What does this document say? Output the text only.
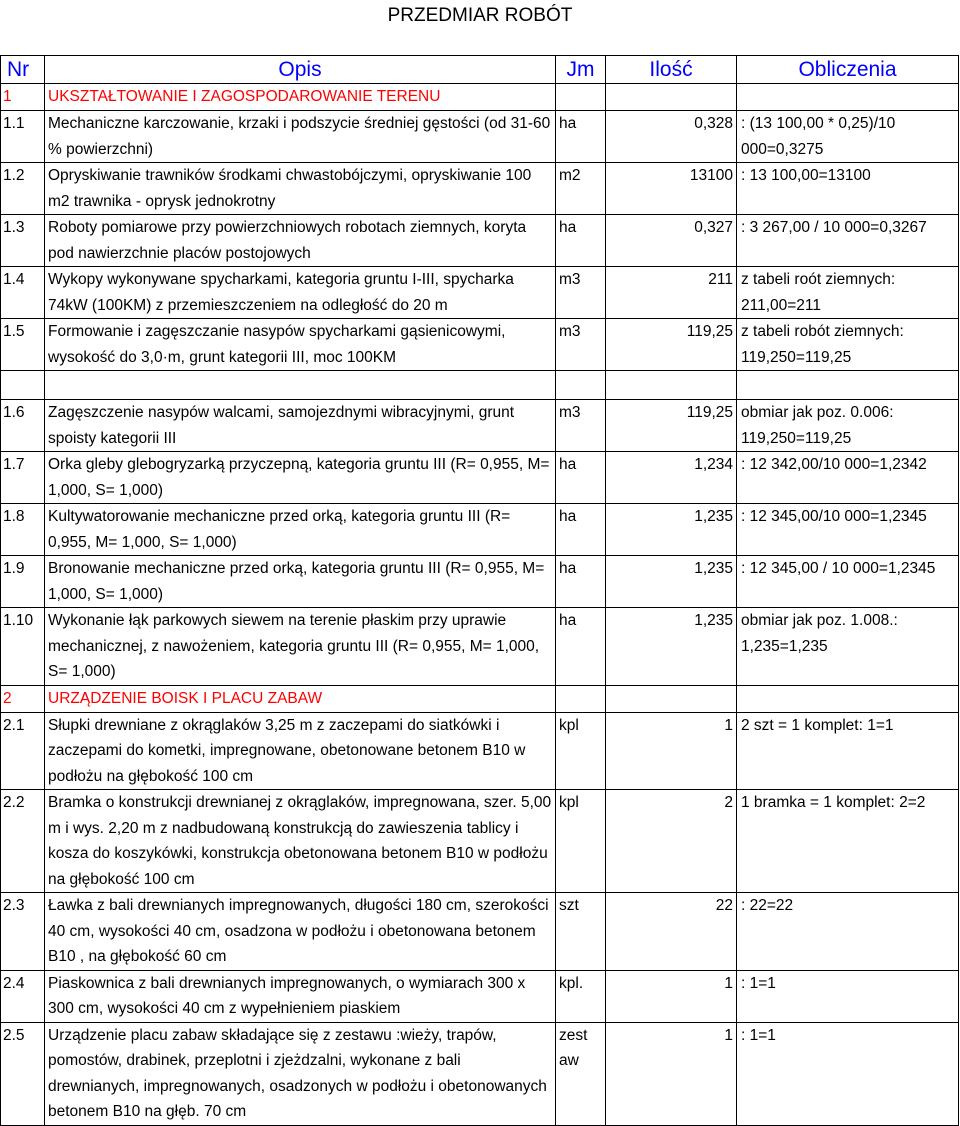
PRZEDMIAR ROBÓT
Nr	Opis	Jm	Ilość	Obliczenia
1	UKSZTAŁTOWANIE I ZAGOSPODAROWANIE TERENU			
1.1	Mechaniczne karczowanie, krzaki i podszycie średniej gęstości (od 31-60 % powierzchni)	ha	0,328	: (13 100,00 * 0,25)/10 000=0,3275
1.2	Opryskiwanie trawników środkami chwastobójczymi, opryskiwanie 100 m2 trawnika - oprysk jednokrotny	m2	13100	: 13 100,00=13100
1.3	Roboty pomiarowe przy powierzchniowych robotach ziemnych, koryta pod nawierzchnie placów postojowych	ha	0,327	: 3 267,00 / 10 000=0,3267
1.4	Wykopy wykonywane spycharkami, kategoria gruntu I-III, spycharka 74kW (100KM) z przemieszczeniem na odległość do 20 m	m3	211	z tabeli roót ziemnych: 211,00=211
1.5	Formowanie i zagęszczanie nasypów spycharkami gąsienicowymi, wysokość do 3,0·m, grunt kategorii III, moc 100KM	m3	119,25	z tabeli robót ziemnych: 119,250=119,25

1.6	Zagęszczenie nasypów walcami, samojezdnymi wibracyjnymi, grunt spoisty kategorii III	m3	119,25	obmiar jak poz. 0.006: 119,250=119,25
1.7	Orka gleby glebogryzarką przyczepną, kategoria gruntu III (R= 0,955, M= 1,000, S= 1,000)	ha	1,234	: 12 342,00/10 000=1,2342
1.8	Kultywatorowanie mechaniczne przed orką, kategoria gruntu III (R= 0,955, M= 1,000, S= 1,000)	ha	1,235	: 12 345,00/10 000=1,2345
1.9	Bronowanie mechaniczne przed orką, kategoria gruntu III (R= 0,955, M= 1,000, S= 1,000)	ha	1,235	: 12 345,00 / 10 000=1,2345
1.10	Wykonanie łąk parkowych siewem na terenie płaskim przy uprawie mechanicznej, z nawożeniem, kategoria gruntu III (R= 0,955, M= 1,000, S= 1,000)	ha	1,235	obmiar jak poz. 1.008.: 1,235=1,235
2	URZĄDZENIE BOISK I PLACU ZABAW			
2.1	Słupki drewniane z okrąglaków 3,25 m z zaczepami do siatkówki i zaczepami do kometki, impregnowane, obetonowane betonem B10 w podłożu na głębokość 100 cm	kpl	1	2 szt = 1 komplet: 1=1
2.2	Bramka o konstrukcji drewnianej z okrąglaków, impregnowana, szer. 5,00 m i wys. 2,20 m z nadbudowaną konstrukcją do zawieszenia tablicy i kosza do koszykówki, konstrukcja obetonowana betonem B10 w podłożu na głębokość 100 cm	kpl	2	1 bramka = 1 komplet: 2=2
2.3	Ławka z bali drewnianych impregnowanych, długości 180 cm, szerokości 40 cm, wysokości 40 cm, osadzona w podłożu i obetonowana betonem B10 , na głębokość 60 cm	szt	22	: 22=22
2.4	Piaskownica z bali drewnianych impregnowanych, o wymiarach 300 x 300 cm, wysokości 40 cm z wypełnieniem piaskiem	kpl.	1	: 1=1
2.5	Urządzenie placu zabaw składające się z zestawu :wieży, trapów, pomostów, drabinek, przeplotni i zjeżdzalni, wykonane z bali drewnianych, impregnowanych, osadzonych w podłożu i obetonowanych betonem B10 na głęb. 70 cm	zest aw	1	: 1=1
